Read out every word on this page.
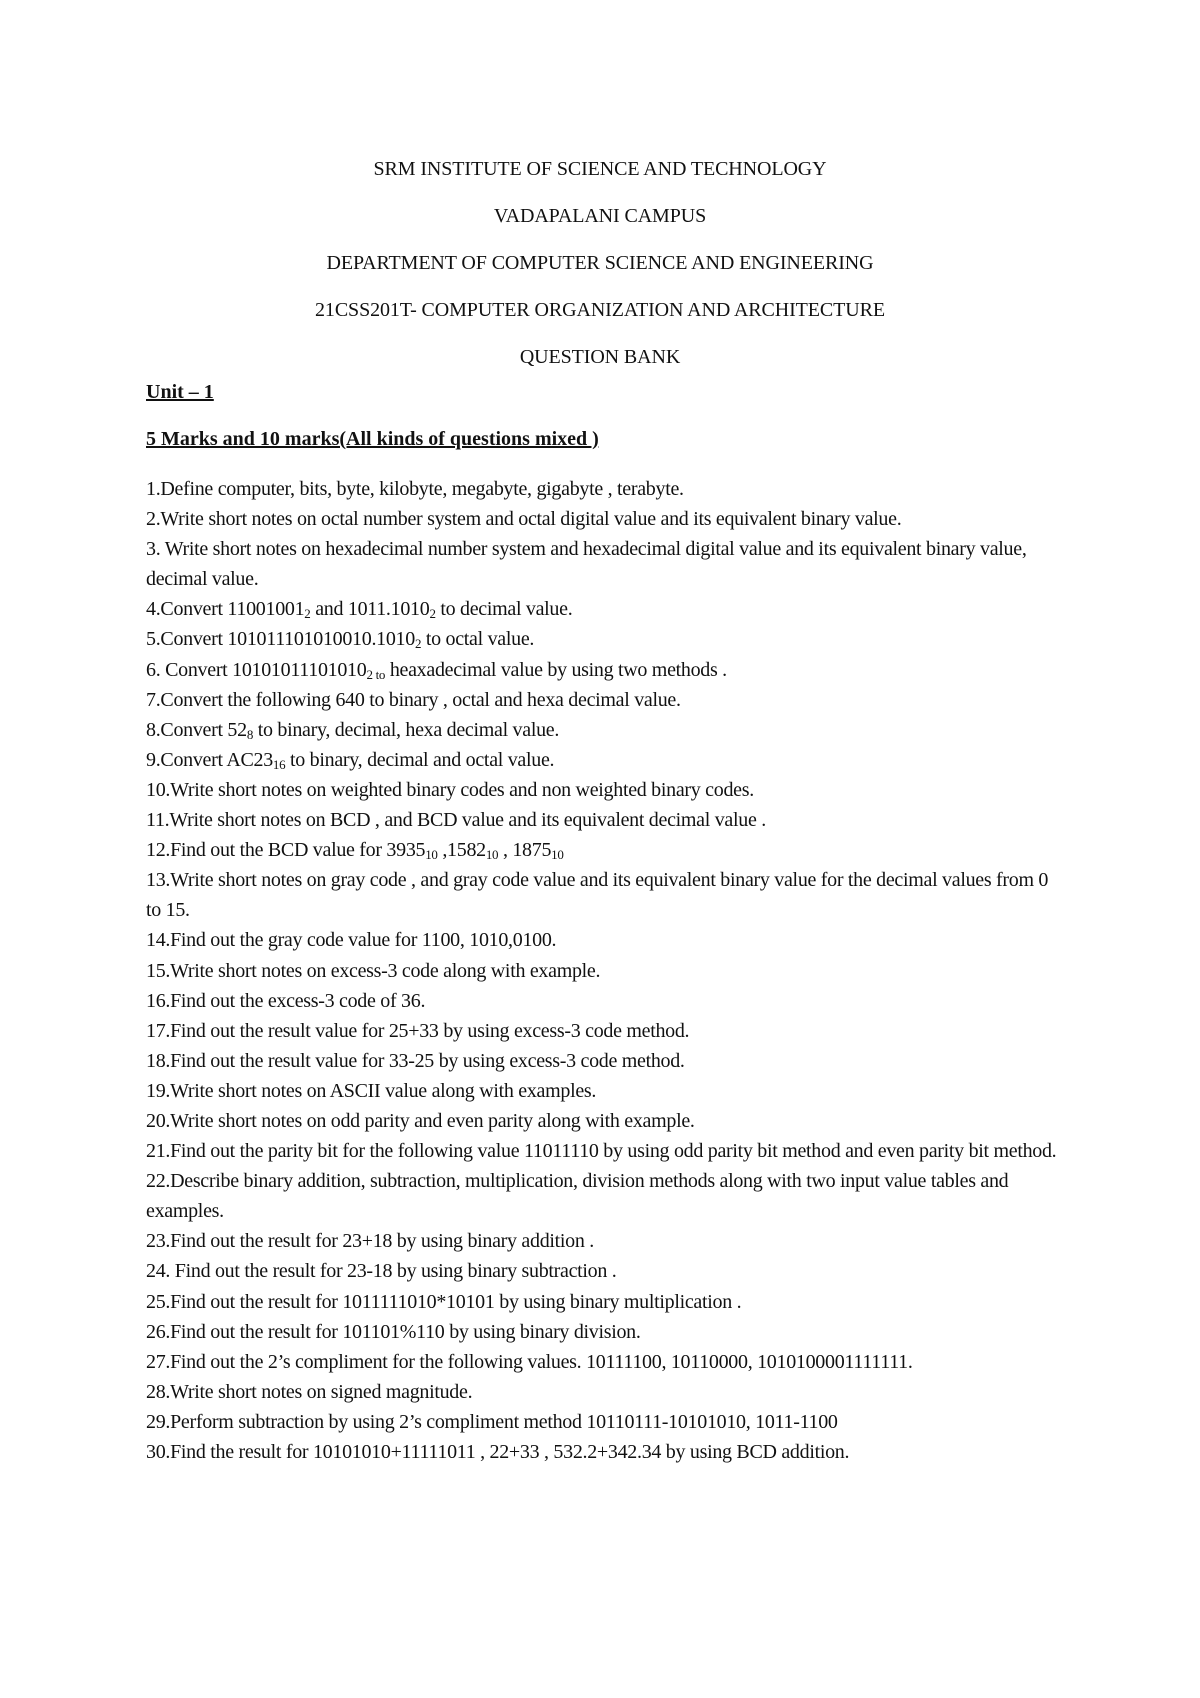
SRM INSTITUTE OF SCIENCE AND TECHNOLOGY
VADAPALANI CAMPUS
DEPARTMENT OF COMPUTER SCIENCE AND ENGINEERING
21CSS201T- COMPUTER ORGANIZATION AND ARCHITECTURE
QUESTION BANK
Unit – 1
5 Marks and 10 marks(All kinds of questions mixed )
1.Define computer, bits, byte, kilobyte, megabyte, gigabyte , terabyte.
2.Write short notes on octal number system and octal digital value and its equivalent binary value.
3. Write short notes on hexadecimal number system and hexadecimal digital value and its equivalent binary value, decimal value.
4.Convert $11001001_2$ and $1011.1010_2$ to decimal value.
5.Convert $101011101010010.1010_2$ to octal value.
6. Convert $10101011101010_{2 to}$ heaxadecimal value by using two methods .
7.Convert the following 640 to binary , octal and hexa decimal value.
8.Convert $52_8$ to binary, decimal, hexa decimal value.
9.Convert $AC23_{16}$ to binary, decimal and octal value.
10.Write short notes on weighted binary codes and non weighted binary codes.
11.Write short notes on BCD , and BCD value and its equivalent decimal value .
12.Find out the BCD value for $3935_{10}$ $,1582_{10}$ , $1875_{10}$
13.Write short notes on gray code , and gray code value and its equivalent binary value for the decimal values from 0 to 15.
14.Find out the gray code value for 1100, 1010,0100.
15.Write short notes on excess-3 code along with example.
16.Find out the excess-3 code of 36.
17.Find out the result value for 25+33 by using excess-3 code method.
18.Find out the result value for 33-25 by using excess-3 code method.
19.Write short notes on ASCII value along with examples.
20.Write short notes on odd parity and even parity along with example.
21.Find out the parity bit for the following value 11011110 by using odd parity bit method and even parity bit method.
22.Describe binary addition, subtraction, multiplication, division methods along with two input value tables and examples.
23.Find out the result for 23+18 by using binary addition .
24. Find out the result for 23-18 by using binary subtraction .
25.Find out the result for 1011111010*10101 by using binary multiplication .
26.Find out the result for 101101%110 by using binary division.
27.Find out the 2’s compliment for the following values. 10111100, 10110000, 1010100001111111.
28.Write short notes on signed magnitude.
29.Perform subtraction by using 2’s compliment method 10110111-10101010, 1011-1100
30.Find the result for 10101010+11111011 , 22+33 , 532.2+342.34 by using BCD addition.
